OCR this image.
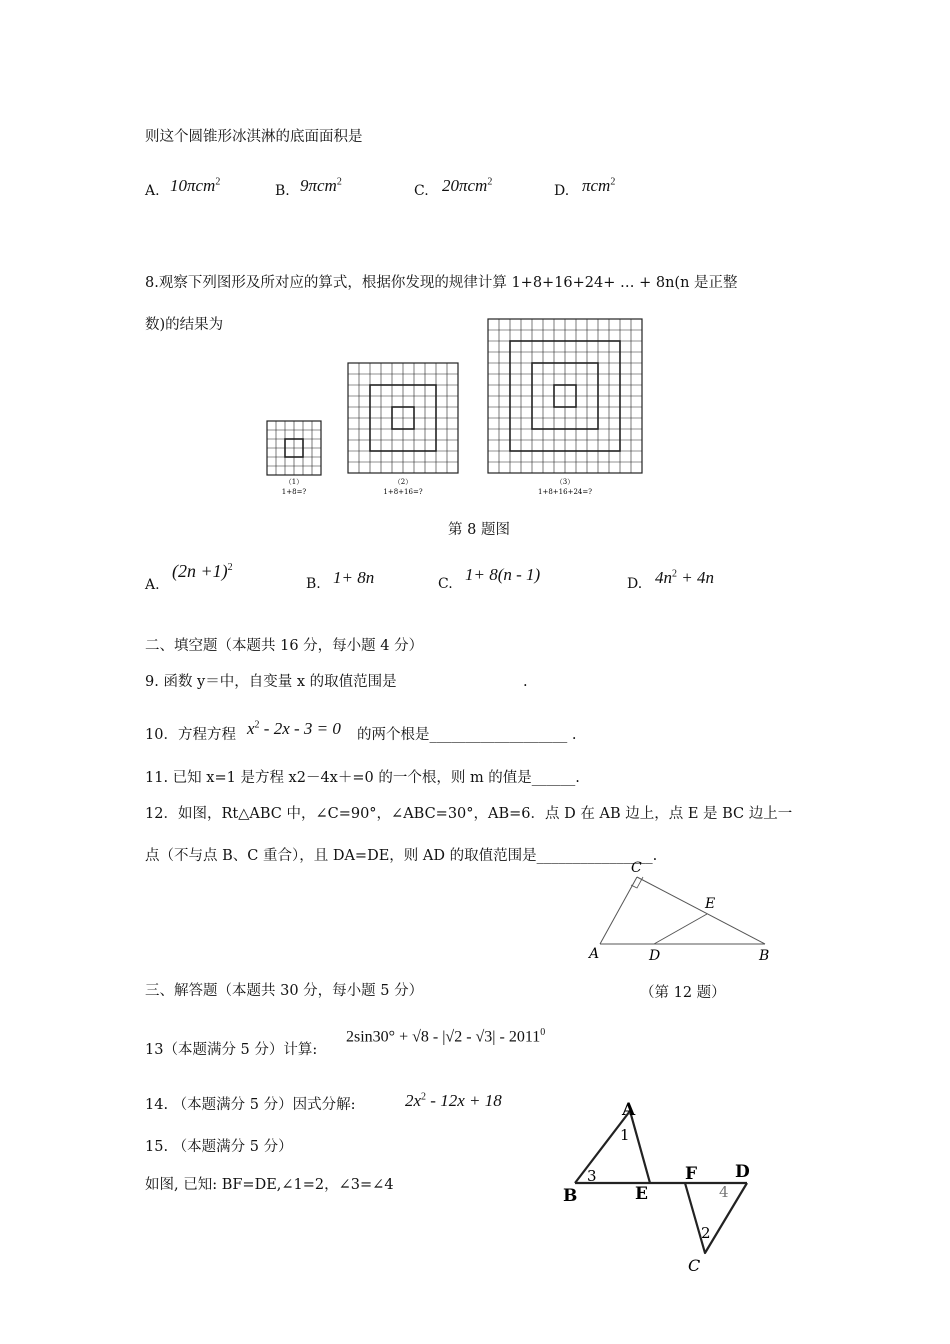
则这个圆锥形冰淇淋的底面面积是
A. 10πcm$^2$
B. 9πcm$^2$
C. 20πcm$^2$
D. πcm$^2$
8.观察下列图形及所对应的算式，根据你发现的规律计算 1+8+16+24+ … + 8n(n 是正整
数)的结果为
（1）
1+8=?
（2）
1+8+16=?
（3）
1+8+16+24=?
第 8 题图
A.
$(2n +1)^2$
B. 1+ 8n	C. 1+ 8(n - 1)	D. $4n^2 + 4n$
二、填空题（本题共 16 分，每小题 4 分）
9. 函数 y＝中，自变量 x 的取值范围是	.
10．方程方程 $x^2 - 2x - 3 = 0$ 的两个根是___________________ .
11. 已知 x=1 是方程 x2－4x＋=0 的一个根，则 m 的值是______.
12．如图，Rt△ABC 中，∠C=90°，∠ABC=30°，AB=6．点 D 在 AB 边上，点 E 是 BC 边上一
点（不与点 B、C 重合），且 DA=DE，则 AD 的取值范围是________________.
C
E
A	D	B
三、解答题（本题共 30 分，每小题 5 分）	（第 12 题）
13（本题满分 5 分）计算:
2sin30° + √8 - |√2 - √3| - 2011$^0$
14. （本题满分 5 分）因式分解:	$2x^2 - 12x + 18$
15. （本题满分 5 分）
如图, 已知: BF=DE,∠1=2，∠3=∠4
A
1
3
B	E
F D
4
2
C
